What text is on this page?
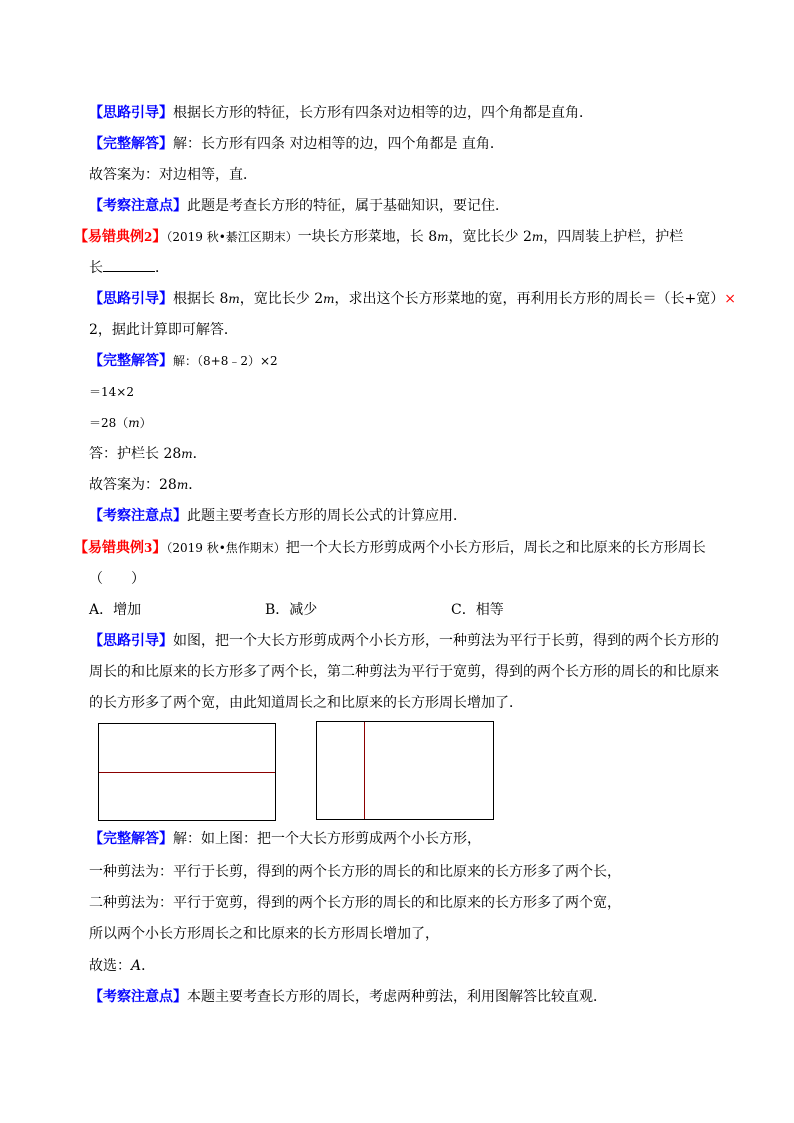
【思路引导】根据长方形的特征，长方形有四条对边相等的边，四个角都是直角．
【完整解答】解：长方形有四条 对边相等的边，四个角都是 直角．
故答案为：对边相等，直．
【考察注意点】此题是考查长方形的特征，属于基础知识，要记住．
【易错典例2】（2019 秋•綦江区期末）一块长方形菜地，长 8m，宽比长少 2m，四周装上护栏，护栏
长	．
【思路引导】根据长 8m，宽比长少 2m，求出这个长方形菜地的宽，再利用长方形的周长＝（长+宽）×
2，据此计算即可解答．
【完整解答】解：（8+8﹣2）×2
＝14×2
＝28（m）
答：护栏长 28m．
故答案为：28m．
【考察注意点】此题主要考查长方形的周长公式的计算应用．
【易错典例3】（2019 秋•焦作期末）把一个大长方形剪成两个小长方形后，周长之和比原来的长方形周长
（　　）
A．增加	B．减少	C．相等
【思路引导】如图，把一个大长方形剪成两个小长方形，一种剪法为平行于长剪，得到的两个长方形的
周长的和比原来的长方形多了两个长，第二种剪法为平行于宽剪，得到的两个长方形的周长的和比原来
的长方形多了两个宽，由此知道周长之和比原来的长方形周长增加了．
【完整解答】解：如上图：把一个大长方形剪成两个小长方形，
一种剪法为：平行于长剪，得到的两个长方形的周长的和比原来的长方形多了两个长，
二种剪法为：平行于宽剪，得到的两个长方形的周长的和比原来的长方形多了两个宽，
所以两个小长方形周长之和比原来的长方形周长增加了，
故选：A．
【考察注意点】本题主要考查长方形的周长，考虑两种剪法，利用图解答比较直观．
